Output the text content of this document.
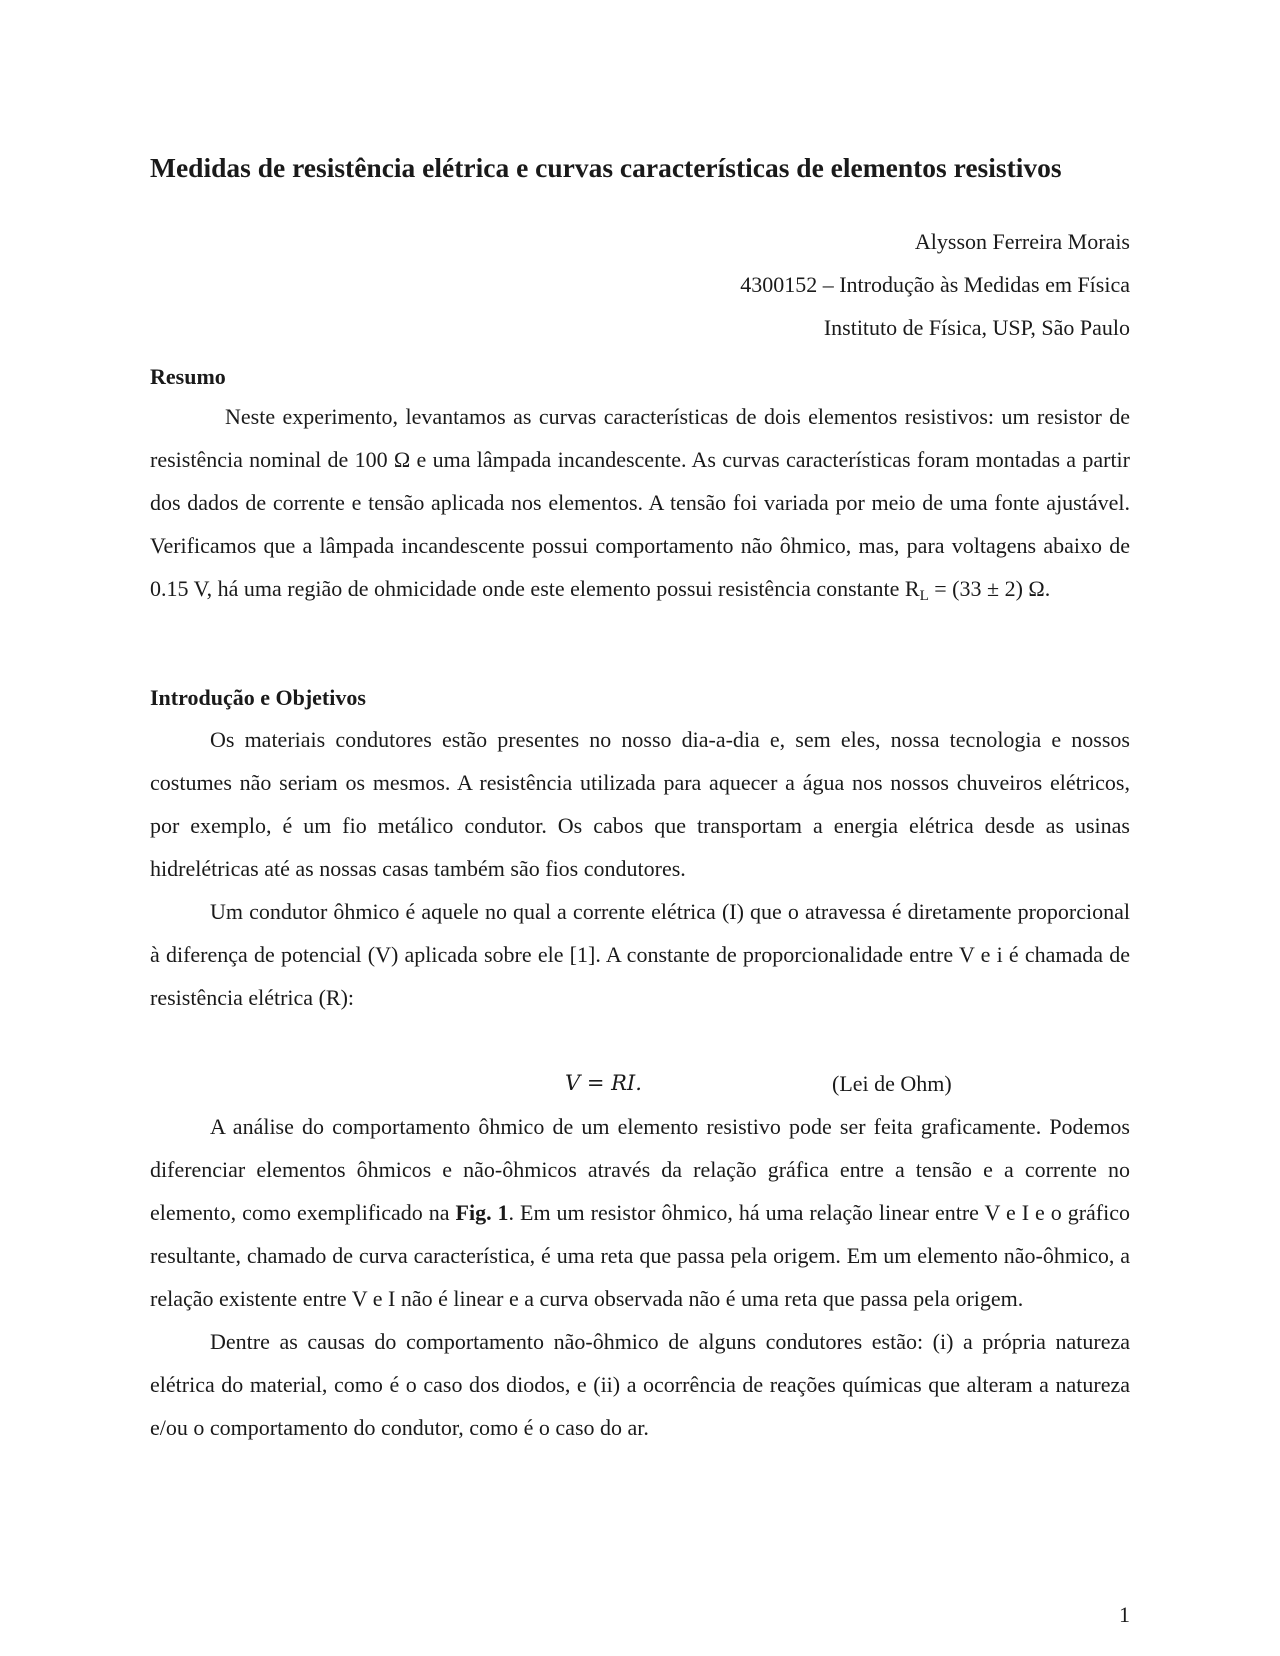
Medidas de resistência elétrica e curvas características de elementos resistivos
Alysson Ferreira Morais
4300152 – Introdução às Medidas em Física
Instituto de Física, USP, São Paulo
Resumo

Neste experimento, levantamos as curvas características de dois elementos resistivos: um resistor de resistência nominal de 100 Ω e uma lâmpada incandescente. As curvas características foram montadas a partir dos dados de corrente e tensão aplicada nos elementos. A tensão foi variada por meio de uma fonte ajustável. Verificamos que a lâmpada incandescente possui comportamento não ôhmico, mas, para voltagens abaixo de 0.15 V, há uma região de ohmicidade onde este elemento possui resistência constante $R_L = (33 \pm 2)$ Ω.

Introdução e Objetivos

Os materiais condutores estão presentes no nosso dia-a-dia e, sem eles, nossa tecnologia e nossos costumes não seriam os mesmos. A resistência utilizada para aquecer a água nos nossos chuveiros elétricos, por exemplo, é um fio metálico condutor. Os cabos que transportam a energia elétrica desde as usinas hidrelétricas até as nossas casas também são fios condutores.

Um condutor ôhmico é aquele no qual a corrente elétrica (I) que o atravessa é diretamente proporcional à diferença de potencial (V) aplicada sobre ele [1]. A constante de proporcionalidade entre V e i é chamada de resistência elétrica (R):

V = RI.	(Lei de Ohm)

A análise do comportamento ôhmico de um elemento resistivo pode ser feita graficamente. Podemos diferenciar elementos ôhmicos e não-ôhmicos através da relação gráfica entre a tensão e a corrente no elemento, como exemplificado na Fig. 1. Em um resistor ôhmico, há uma relação linear entre V e I e o gráfico resultante, chamado de curva característica, é uma reta que passa pela origem. Em um elemento não-ôhmico, a relação existente entre V e I não é linear e a curva observada não é uma reta que passa pela origem.

Dentre as causas do comportamento não-ôhmico de alguns condutores estão: (i) a própria natureza elétrica do material, como é o caso dos diodos, e (ii) a ocorrência de reações químicas que alteram a natureza e/ou o comportamento do condutor, como é o caso do ar.

1
